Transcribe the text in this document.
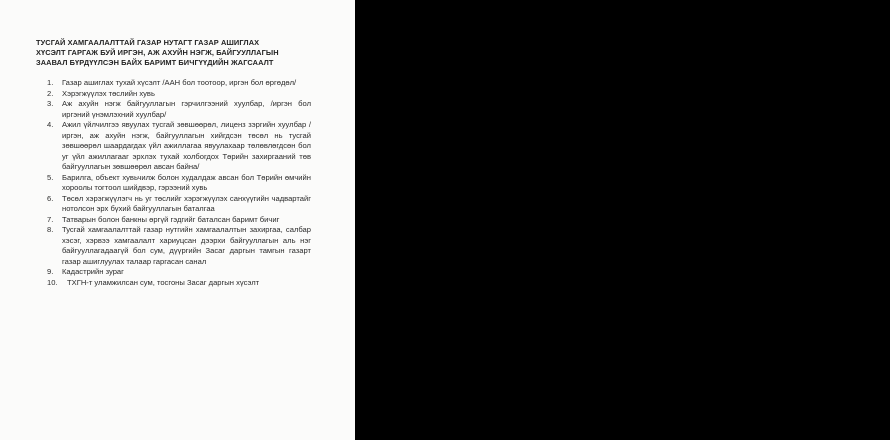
ТУСГАЙ ХАМГААЛАЛТТАЙ ГАЗАР НУТАГТ ГАЗАР АШИГЛАХ
ХҮСЭЛТ ГАРГАЖ БУЙ ИРГЭН, АЖ АХУЙН НЭГЖ, БАЙГУУЛЛАГЫН
ЗААВАЛ БҮРДҮҮЛСЭН БАЙХ БАРИМТ БИЧГҮҮДИЙН ЖАГСААЛТ
1.	Газар ашиглах тухай хүсэлт /ААН бол тоотоор, иргэн бол өргөдөл/
2.	Хэрэгжүүлэх төслийн хувь
3.	Аж ахуйн нэгж байгууллагын гэрчилгээний хуулбар, /иргэн бол иргэний үнэмлэхний хуулбар/
4.	Ажил үйлчилгээ явуулах тусгай зөвшөөрөл, лиценз зэргийн хуулбар /иргэн, аж ахуйн нэгж, байгууллагын хийгдсэн төсөл нь тусгай зөвшөөрөл шаардагдах үйл ажиллагаа явуулахаар төлөвлөгдсөн бол уг үйл ажиллагааг эрхлэх тухай холбогдох Төрийн захиргааний төв байгууллагын зөвшөөрөл авсан байна/
5.	Барилга, объект хувьчилж болон худалдаж авсан бол Төрийн өмчийн хороолы тогтоол шийдвэр, гэрээний хувь
6.	Төсөл хэрэгжүүлэгч нь уг төслийг хэрэгжүүлэх санхүүгийн чадвартайг нотолсон эрх бүхий байгууллагын баталгаа
7.	Татварын болон банкны өргүй гэдгийг баталсан баримт бичиг
8.	Тусгай хамгаалалттай газар нутгийн хамгаалалтын захиргаа, салбар хэсэг, хэрвээ хамгаалалт хариуцсан дээрхи байгууллагын аль нэг байгууллагадаагүй бол сум, дүүргийн Засаг даргын тамгын газарт газар ашиглуулах талаар гаргасан санал
9.	Кадастрийн зураг
10.	ТХГН-т уламжилсан сум, тосгоны Засаг даргын хүсэлт
